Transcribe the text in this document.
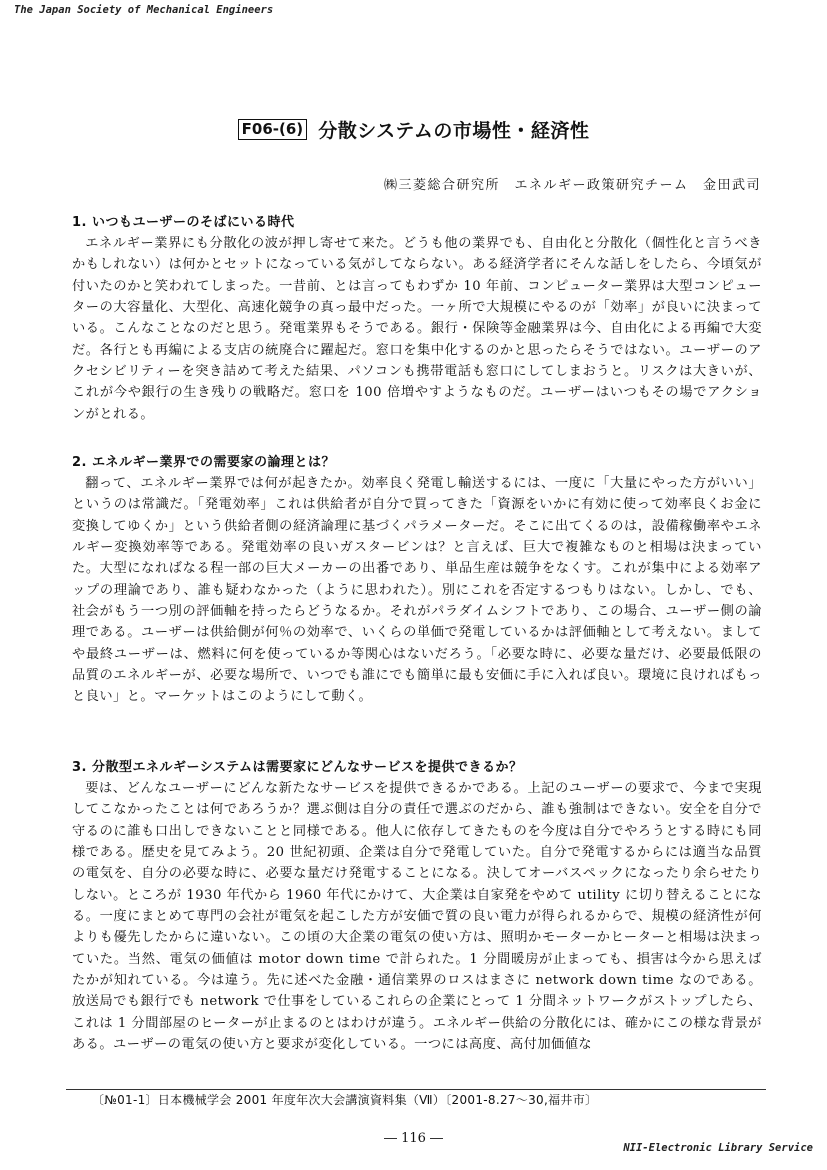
The Japan Society of Mechanical Engineers
F06-(6) 分散システムの市場性・経済性
㈱三菱総合研究所　エネルギー政策研究チーム　金田武司
1. いつもユーザーのそばにいる時代

エネルギー業界にも分散化の波が押し寄せて来た。どうも他の業界でも、自由化と分散化（個性化と言うべきかもしれない）は何かとセットになっている気がしてならない。ある経済学者にそんな話しをしたら、今頃気が付いたのかと笑われてしまった。一昔前、とは言ってもわずか 10 年前、コンピューター業界は大型コンピューターの大容量化、大型化、高速化競争の真っ最中だった。一ヶ所で大規模にやるのが「効率」が良いに決まっている。こんなことなのだと思う。発電業界もそうである。銀行・保険等金融業界は今、自由化による再編で大変だ。各行とも再編による支店の統廃合に躍起だ。窓口を集中化するのかと思ったらそうではない。ユーザーのアクセシビリティーを突き詰めて考えた結果、パソコンも携帯電話も窓口にしてしまおうと。リスクは大きいが、これが今や銀行の生き残りの戦略だ。窓口を 100 倍増やすようなものだ。ユーザーはいつもその場でアクションがとれる。

2. エネルギー業界での需要家の論理とは？

翻って、エネルギー業界では何が起きたか。効率良く発電し輸送するには、一度に「大量にやった方がいい」というのは常識だ。「発電効率」これは供給者が自分で買ってきた「資源をいかに有効に使って効率良くお金に変換してゆくか」という供給者側の経済論理に基づくパラメーターだ。そこに出てくるのは，設備稼働率やエネルギー変換効率等である。発電効率の良いガスタービンは？と言えば、巨大で複雑なものと相場は決まっていた。大型になればなる程一部の巨大メーカーの出番であり、単品生産は競争をなくす。これが集中による効率アップの理論であり、誰も疑わなかった（ように思われた）。別にこれを否定するつもりはない。しかし、でも、社会がもう一つ別の評価軸を持ったらどうなるか。それがパラダイムシフトであり、この場合、ユーザー側の論理である。ユーザーは供給側が何％の効率で、いくらの単価で発電しているかは評価軸として考えない。ましてや最終ユーザーは、燃料に何を使っているか等関心はないだろう。「必要な時に、必要な量だけ、必要最低限の品質のエネルギーが、必要な場所で、いつでも誰にでも簡単に最も安価に手に入れば良い。環境に良ければもっと良い」と。マーケットはこのようにして動く。

3. 分散型エネルギーシステムは需要家にどんなサービスを提供できるか？

要は、どんなユーザーにどんな新たなサービスを提供できるかである。上記のユーザーの要求で、今まで実現してこなかったことは何であろうか？選ぶ側は自分の責任で選ぶのだから、誰も強制はできない。安全を自分で守るのに誰も口出しできないことと同様である。他人に依存してきたものを今度は自分でやろうとする時にも同様である。歴史を見てみよう。20 世紀初頭、企業は自分で発電していた。自分で発電するからには適当な品質の電気を、自分の必要な時に、必要な量だけ発電することになる。決してオーバスペックになったり余らせたりしない。ところが 1930 年代から 1960 年代にかけて、大企業は自家発をやめて utility に切り替えることになる。一度にまとめて専門の会社が電気を起こした方が安価で質の良い電力が得られるからで、規模の経済性が何よりも優先したからに違いない。この頃の大企業の電気の使い方は、照明かモーターかヒーターと相場は決まっていた。当然、電気の価値は motor down time で計られた。1 分間暖房が止まっても、損害は今から思えばたかが知れている。今は違う。先に述べた金融・通信業界のロスはまさに network down time なのである。放送局でも銀行でも network で仕事をしているこれらの企業にとって 1 分間ネットワークがストップしたら、これは 1 分間部屋のヒーターが止まるのとはわけが違う。エネルギー供給の分散化には、確かにこの様な背景がある。ユーザーの電気の使い方と要求が変化している。一つには高度、高付加価値な

〔№01-1〕日本機械学会 2001 年度年次大会講演資料集（Ⅶ）〔2001-8.27～30,福井市〕
― 116 ―
NII-Electronic Library Service
